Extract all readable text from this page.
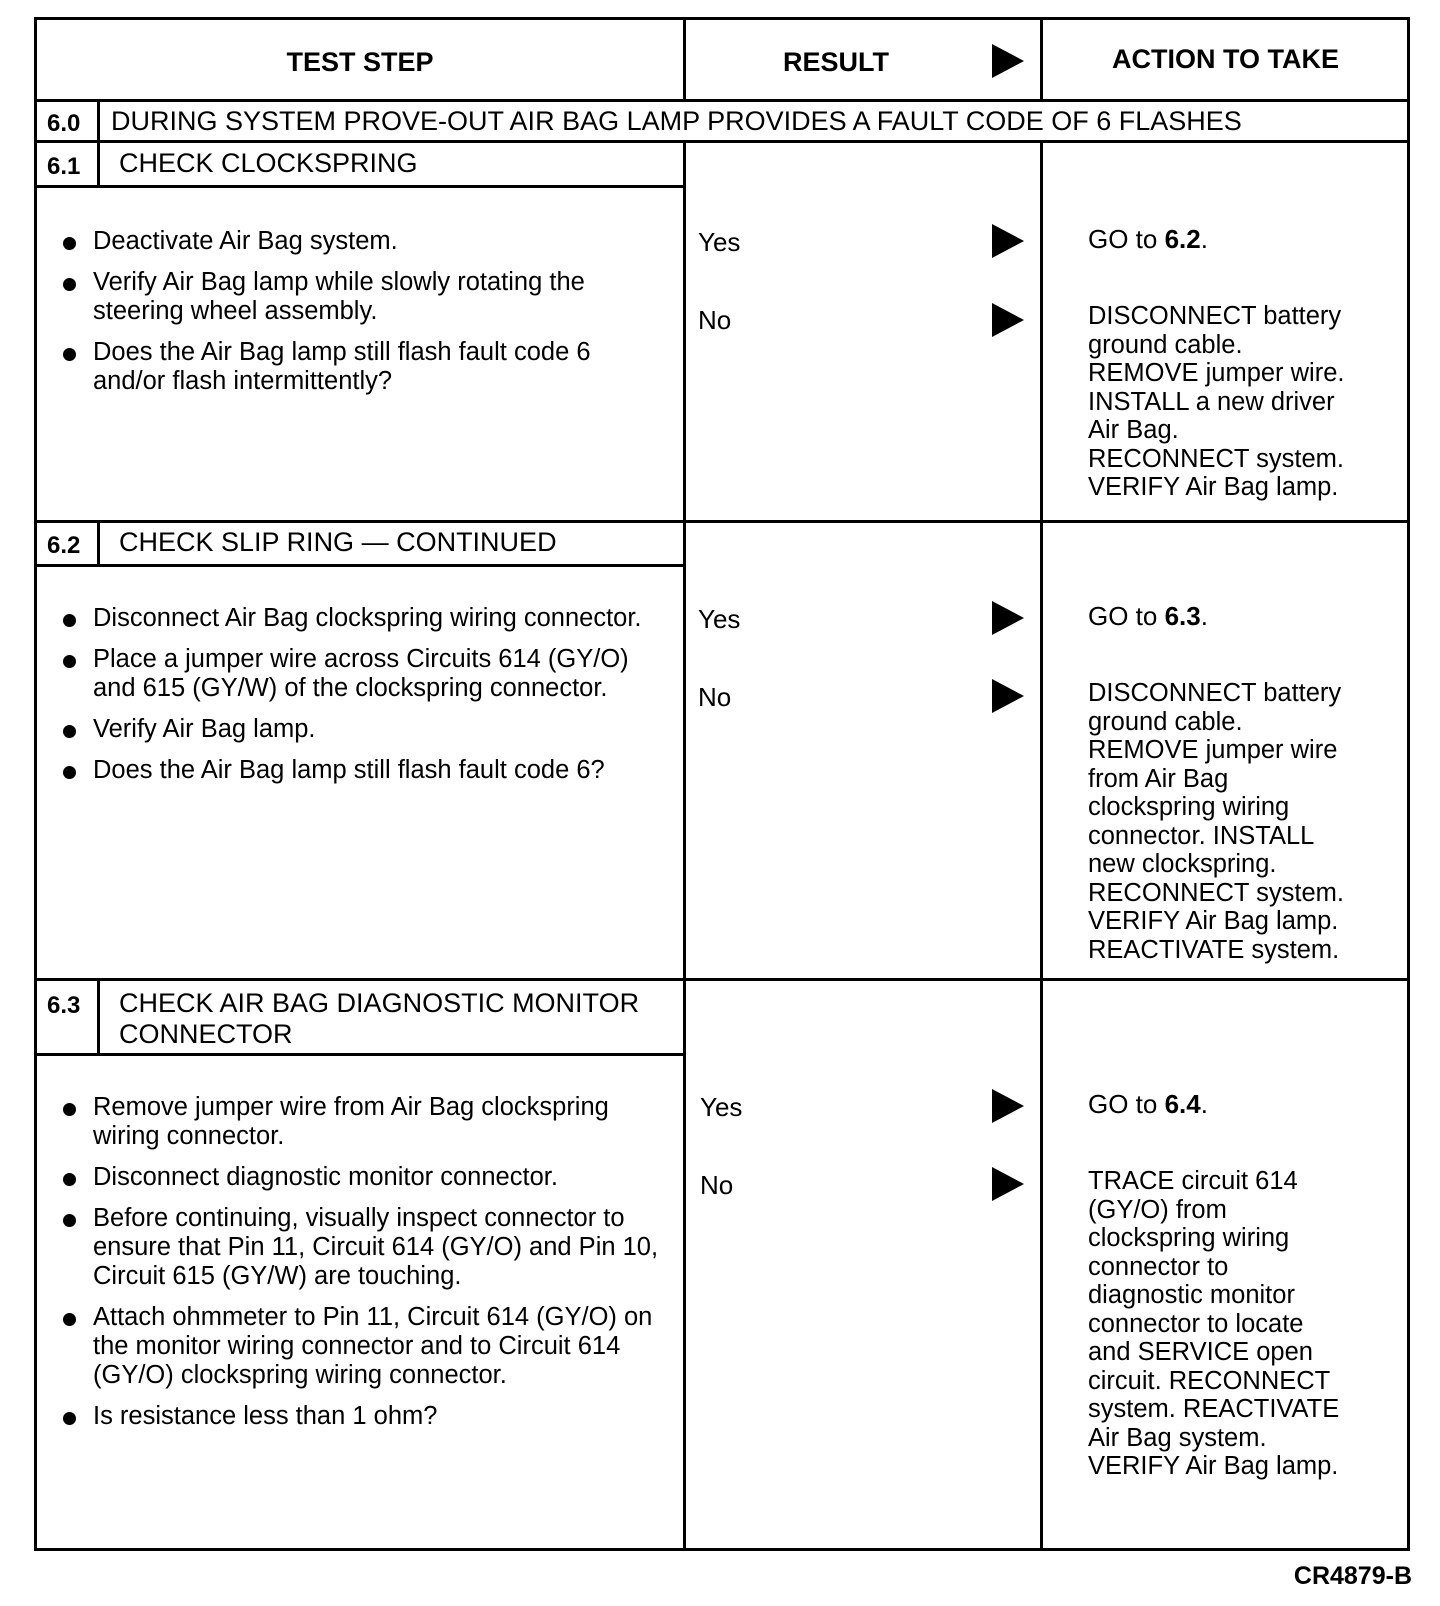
TEST STEP	RESULT	ACTION TO TAKE
6.0 DURING SYSTEM PROVE-OUT AIR BAG LAMP PROVIDES A FAULT CODE OF 6 FLASHES
6.1 CHECK CLOCKSPRING
Deactivate Air Bag system.
Verify Air Bag lamp while slowly rotating the steering wheel assembly.
Does the Air Bag lamp still flash fault code 6 and/or flash intermittently?
Yes
No
GO to 6.2.
DISCONNECT battery
ground cable.
REMOVE jumper wire.
INSTALL a new driver
Air Bag.
RECONNECT system.
VERIFY Air Bag lamp.
6.2 CHECK SLIP RING — CONTINUED
Disconnect Air Bag clockspring wiring connector.
Place a jumper wire across Circuits 614 (GY/O) and 615 (GY/W) of the clockspring connector.
Verify Air Bag lamp.
Does the Air Bag lamp still flash fault code 6?
Yes
No
GO to 6.3.
DISCONNECT battery
ground cable.
REMOVE jumper wire
from Air Bag
clockspring wiring
connector. INSTALL
new clockspring.
RECONNECT system.
VERIFY Air Bag lamp.
REACTIVATE system.
6.3 CHECK AIR BAG DIAGNOSTIC MONITOR CONNECTOR
Remove jumper wire from Air Bag clockspring wiring connector.
Disconnect diagnostic monitor connector.
Before continuing, visually inspect connector to ensure that Pin 11, Circuit 614 (GY/O) and Pin 10, Circuit 615 (GY/W) are touching.
Attach ohmmeter to Pin 11, Circuit 614 (GY/O) on the monitor wiring connector and to Circuit 614 (GY/O) clockspring wiring connector.
Is resistance less than 1 ohm?
Yes
No
GO to 6.4.
TRACE circuit 614
(GY/O) from
clockspring wiring
connector to
diagnostic monitor
connector to locate
and SERVICE open
circuit. RECONNECT
system. REACTIVATE
Air Bag system.
VERIFY Air Bag lamp.
CR4879-B
